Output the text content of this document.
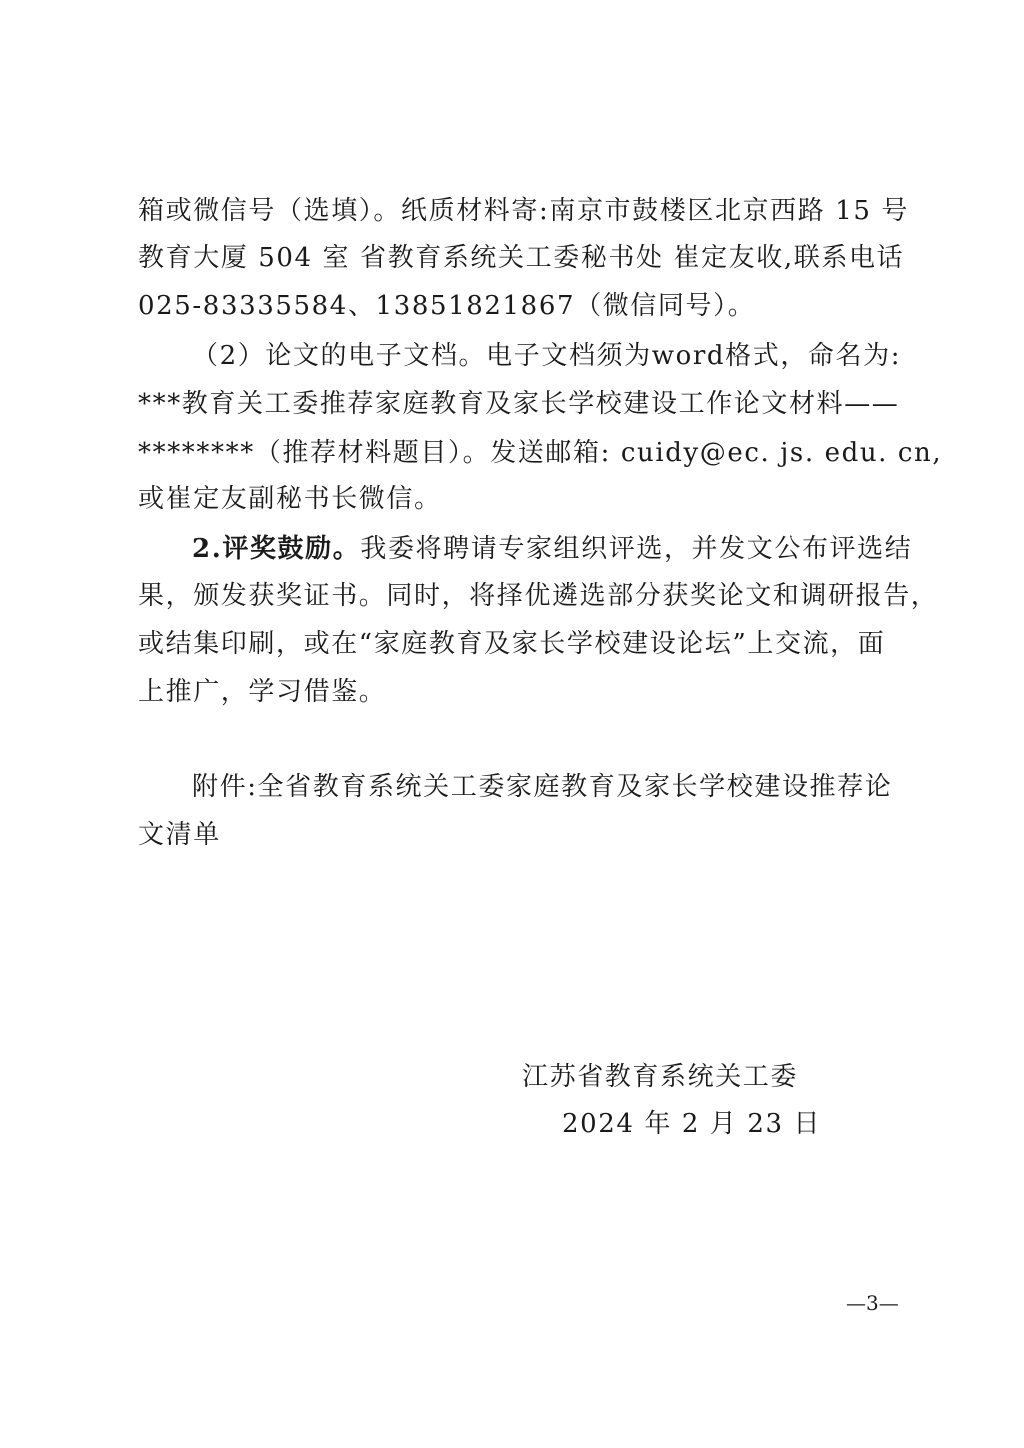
箱或微信号（选填）。纸质材料寄:南京市鼓楼区北京西路 15 号
教育大厦 504 室 省教育系统关工委秘书处 崔定友收,联系电话
025-83335584、13851821867（微信同号）。
（2）论文的电子文档。电子文档须为word格式，命名为:
***教育关工委推荐家庭教育及家长学校建设工作论文材料——
********（推荐材料题目）。发送邮箱: cuidy@ec. js. edu. cn,
或崔定友副秘书长微信。
2.评奖鼓励。我委将聘请专家组织评选，并发文公布评选结
果，颁发获奖证书。同时，将择优遴选部分获奖论文和调研报告，
或结集印刷，或在“家庭教育及家长学校建设论坛”上交流，面
上推广，学习借鉴。
附件:全省教育系统关工委家庭教育及家长学校建设推荐论
文清单
江苏省教育系统关工委
2024 年 2 月 23 日
—3—
